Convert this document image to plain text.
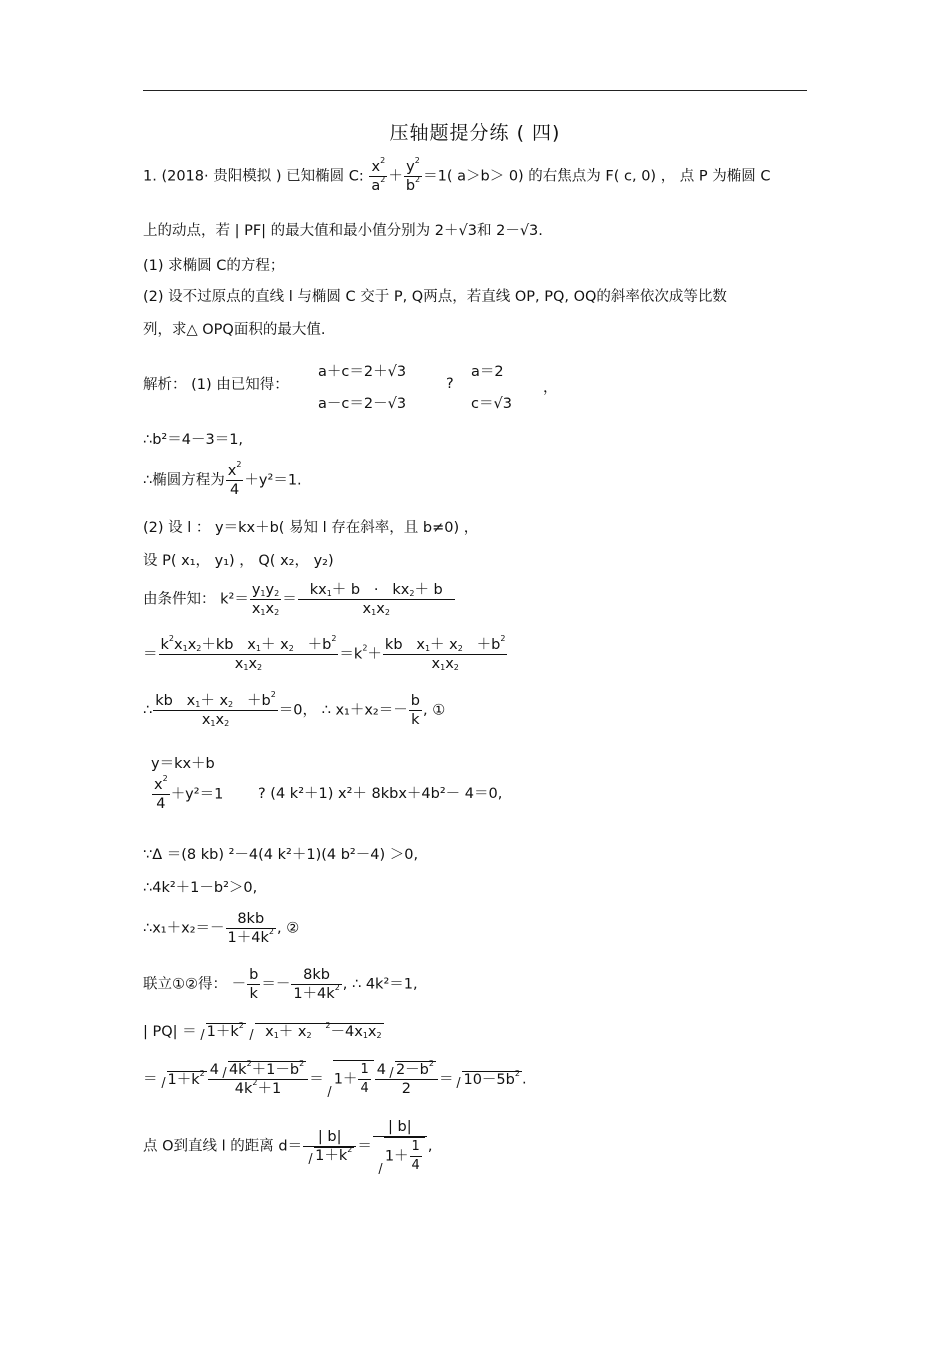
压轴题提分练 ( 四)
1. (2018· 贵阳模拟 ) 已知椭圆 C: $\frac{x^2}{a^2} + \frac{y^2}{b^2} =1$( a＞b＞ 0) 的右焦点为 F( c, 0) ， 点 P 为椭圆 C
上的动点，若 | PF| 的最大值和最小值分别为 2＋√3和 2－√3.
(1) 求椭圆 C的方程；
(2) 设不过原点的直线 l 与椭圆 C 交于 P, Q两点，若直线 OP, PQ, OQ的斜率依次成等比数
列，求△ OPQ面积的最大值.
解析： (1) 由已知得：
a＋c＝2＋√3
a－c＝2－√3
?
a＝2
c＝√3
，
∴b²＝4－3＝1,
∴椭圆方程为 $\frac{x^2}{4} +y^2=1$.
(2) 设 l ： y＝kx＋b( 易知 l 存在斜率，且 b≠0) ，
设 P( x₁， y₁) ， Q( x₂， y₂)
由条件知： $k^2= \frac{y_1y_2}{x_1x_2} = \frac{kx_1+ b \cdot kx_2+ b}{x_1x_2}$
＝ $\frac{k^2x_1x_2+kb x_1+ x_2 +b^2}{x_1x_2} =k^2+ \frac{kb x_1+ x_2 +b^2}{x_1x_2}$
∴ $\frac{kb x_1+ x_2 +b^2}{x_1x_2} =0$， ∴ $x_1+x_2=- \frac{b}{k}$ , ①
y＝kx＋b
$\frac{x^2}{4} +y^2=1$ ? (4 k²＋1) x²＋ 8kbx＋4b²－ 4＝0,
∵Δ ＝(8 kb) ²－4(4 k²＋1)(4 b²－4) ＞0,
∴4k²＋1－b²＞0,
∴x₁＋x₂＝－ $\frac{8kb}{1+4k^2}$ , ②
联立①②得： － $\frac{b}{k} =- \frac{8kb}{1+4k^2}$ , ∴ 4k²＝1,
| $PQ| = 1+k^2$  $x_1+ x_2$   $^2-4x_1x_2$
＝ $1+k^2 \frac{4 4k^2+1-b^2}{4k^2+1} = 1+ \frac{1}{4} \frac{4 2-b^2}{2} = 10-5b^2$ .
点 O到直线 l 的距离 $d= \frac{| b|}{1+k^2} = \frac{| b|}{1+ \frac{1}{4}}$ ,
